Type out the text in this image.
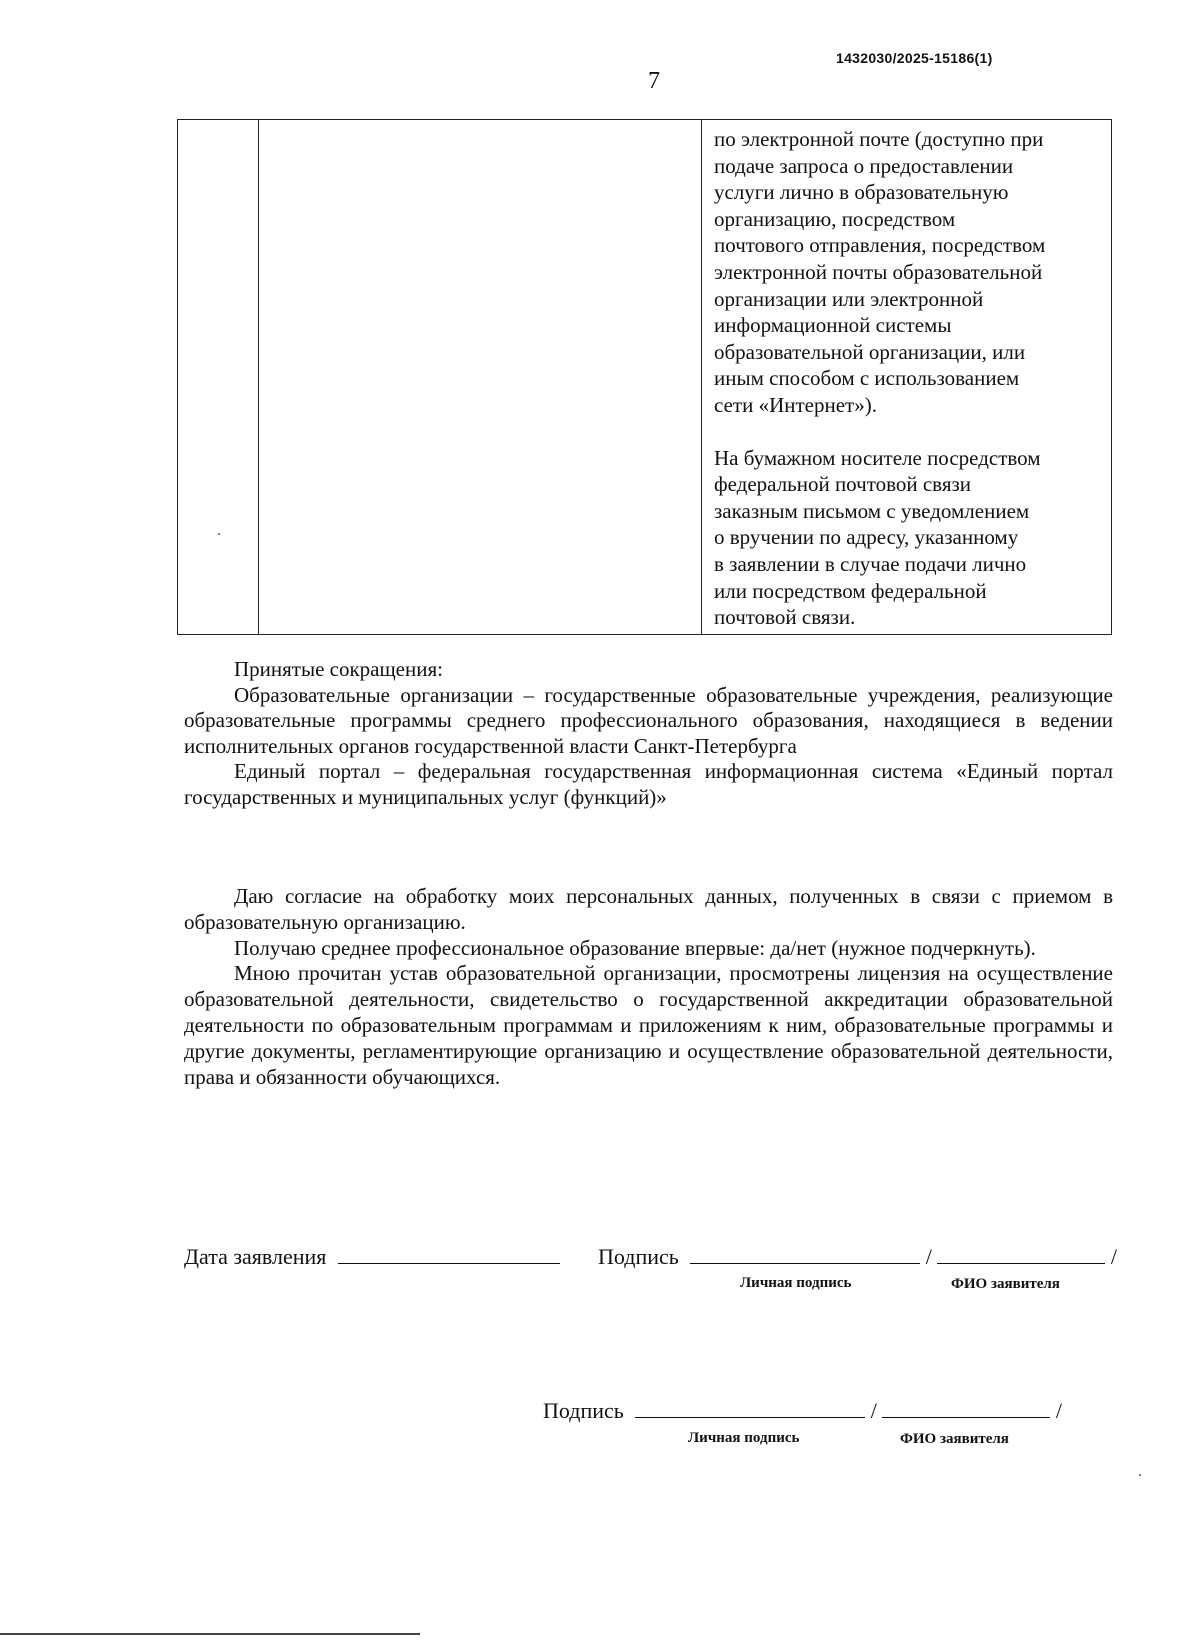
1432030/2025-15186(1)
7

по электронной почте (доступно при
подаче запроса о предоставлении
услуги лично в образовательную
организацию, посредством
почтового отправления, посредством
электронной почты образовательной
организации или электронной
информационной системы
образовательной организации, или
иным способом с использованием
сети «Интернет»).

На бумажном носителе посредством
федеральной почтовой связи
заказным письмом с уведомлением
о вручении по адресу, указанному
в заявлении в случае подачи лично
или посредством федеральной
почтовой связи.

Принятые сокращения:

Образовательные организации – государственные образовательные учреждения, реализующие образовательные программы среднего профессионального образования, находящиеся в ведении исполнительных органов государственной власти Санкт-Петербурга

Единый портал – федеральная государственная информационная система «Единый портал государственных и муниципальных услуг (функций)»

Даю согласие на обработку моих персональных данных, полученных в связи с приемом в образовательную организацию.

Получаю среднее профессиональное образование впервые: да/нет (нужное подчеркнуть).

Мною прочитан устав образовательной организации, просмотрены лицензия на осуществление образовательной деятельности, свидетельство о государственной аккредитации образовательной деятельности по образовательным программам и приложениям к ним, образовательные программы и другие документы, регламентирующие организацию и осуществление образовательной деятельности, права и обязанности обучающихся.

Дата заявления	Подпись	/	/
Личная подпись	ФИО заявителя
Подпись	/	/
Личная подпись	ФИО заявителя
